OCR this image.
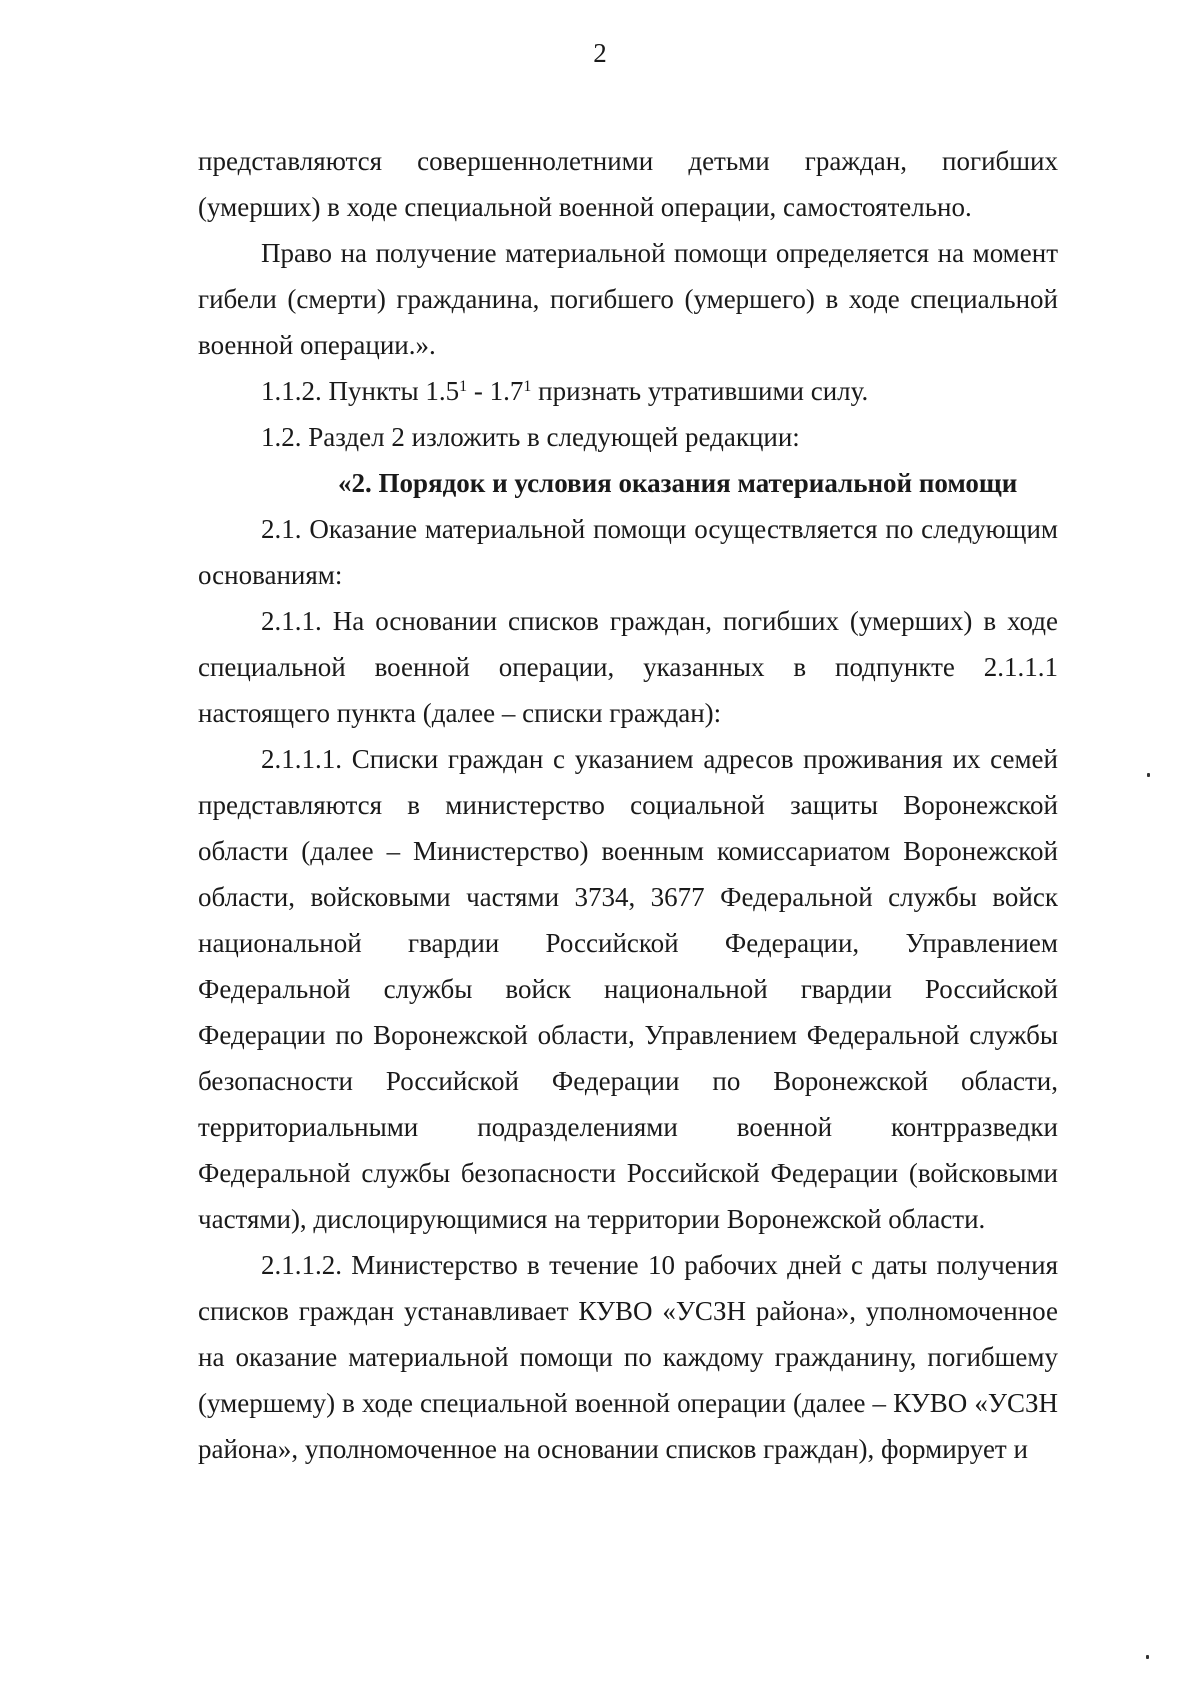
2

представляются совершеннолетними детьми граждан, погибших (умерших) в ходе специальной военной операции, самостоятельно.

Право на получение материальной помощи определяется на момент гибели (смерти) гражданина, погибшего (умершего) в ходе специальной военной операции.».

1.1.2. Пункты $1.5^1 - 1.7^1$ признать утратившими силу.

1.2. Раздел 2 изложить в следующей редакции:

«2. Порядок и условия оказания материальной помощи

2.1. Оказание материальной помощи осуществляется по следующим основаниям:

2.1.1. На основании списков граждан, погибших (умерших) в ходе специальной военной операции, указанных в подпункте 2.1.1.1 настоящего пункта (далее – списки граждан):

2.1.1.1. Списки граждан с указанием адресов проживания их семей представляются в министерство социальной защиты Воронежской области (далее – Министерство) военным комиссариатом Воронежской области, войсковыми частями 3734, 3677 Федеральной службы войск национальной гвардии Российской Федерации, Управлением Федеральной службы войск национальной гвардии Российской Федерации по Воронежской области, Управлением Федеральной службы безопасности Российской Федерации по Воронежской области, территориальными подразделениями военной контрразведки Федеральной службы безопасности Российской Федерации (войсковыми частями), дислоцирующимися на территории Воронежской области.

2.1.1.2. Министерство в течение 10 рабочих дней с даты получения списков граждан устанавливает КУВО «УСЗН района», уполномоченное на оказание материальной помощи по каждому гражданину, погибшему (умершему) в ходе специальной военной операции (далее – КУВО «УСЗН района», уполномоченное на основании списков граждан), формирует и
